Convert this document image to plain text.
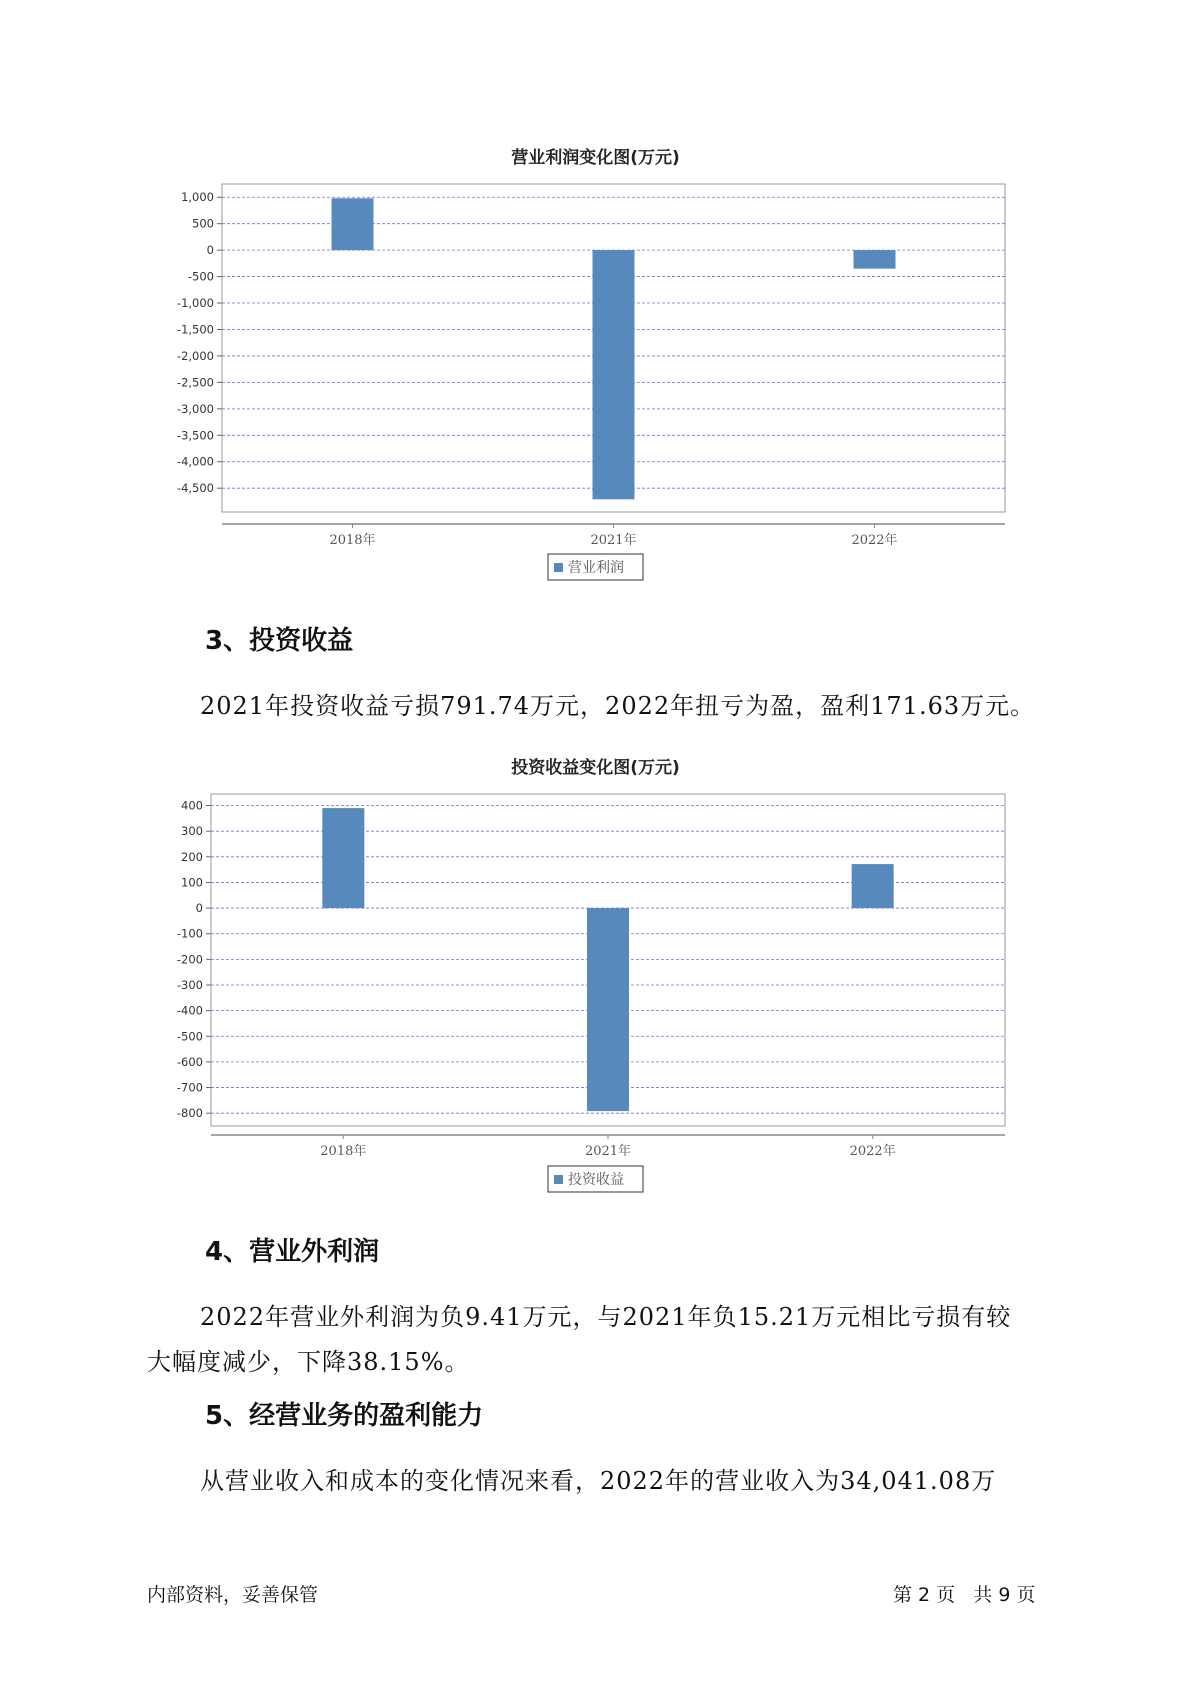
营业利润变化图(万元)
1,000
500
0
-500
-1,000
-1,500
-2,000
-2,500
-3,000
-3,500
-4,000
-4,500
2018年	2021年	2022年
营业利润
3、投资收益
2021年投资收益亏损791.74万元，2022年扭亏为盈，盈利171.63万元。
投资收益变化图(万元)
400
300
200
100
0
-100
-200
-300
-400
-500
-600
-700
-800
2018年	2021年	2022年
投资收益
4、营业外利润
2022年营业外利润为负9.41万元，与2021年负15.21万元相比亏损有较
大幅度减少，下降38.15%。
5、经营业务的盈利能力
从营业收入和成本的变化情况来看，2022年的营业收入为34,041.08万
内部资料，妥善保管	第 2 页   共 9 页
